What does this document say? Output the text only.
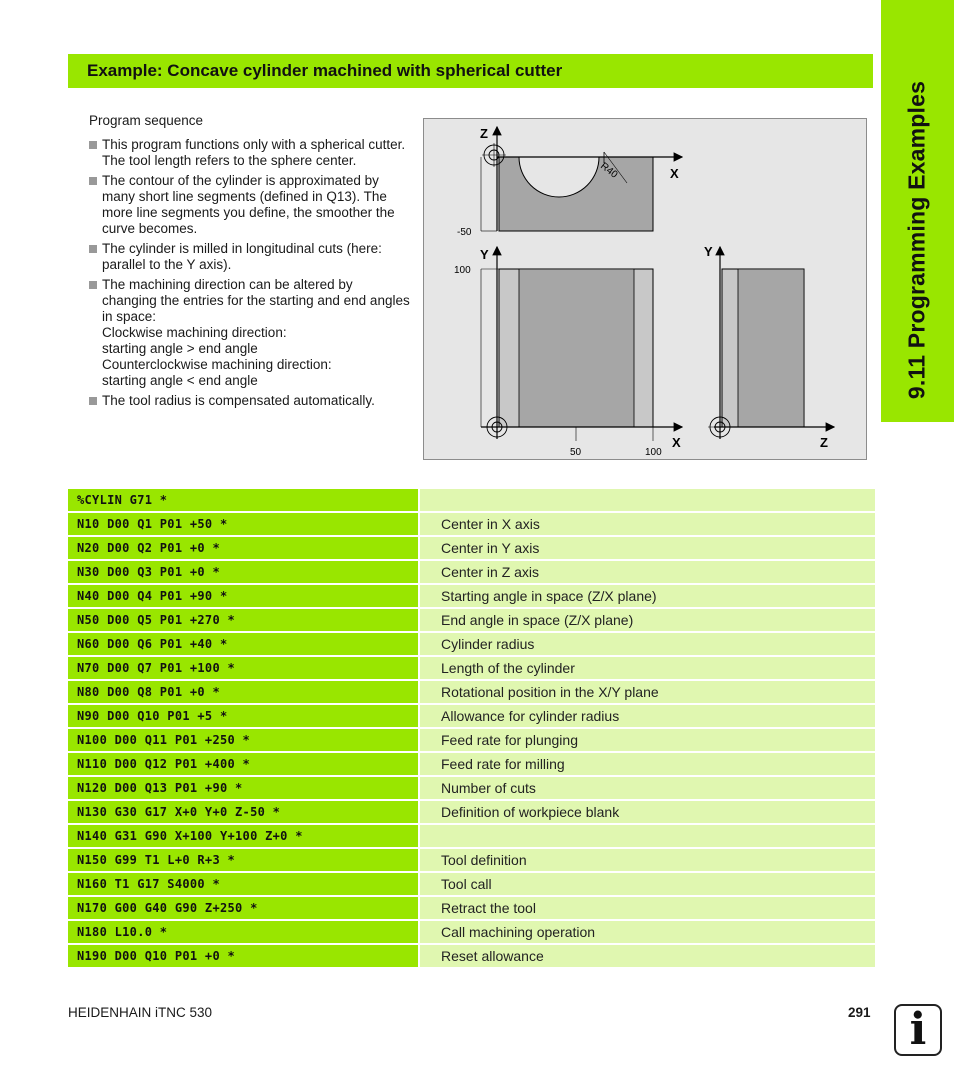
Example: Concave cylinder machined with spherical cutter
9.11 Programming Examples
Program sequence
This program functions only with a spherical cutter. The tool length refers to the sphere center.
The contour of the cylinder is approximated by many short line segments (defined in Q13). The more line segments you define, the smoother the curve becomes.
The cylinder is milled in longitudinal cuts (here: parallel to the Y axis).
The machining direction can be altered by changing the entries for the starting and end angles in space:
Clockwise machining direction:
starting angle > end angle
Counterclockwise machining direction:
starting angle < end angle
The tool radius is compensated automatically.
Z
X
R40
-50
Y
X
100
50	100
Y
Z
%CYLIN G71 *	
N10 D00 Q1 P01 +50 *	Center in X axis
N20 D00 Q2 P01 +0 *	Center in Y axis
N30 D00 Q3 P01 +0 *	Center in Z axis
N40 D00 Q4 P01 +90 *	Starting angle in space (Z/X plane)
N50 D00 Q5 P01 +270 *	End angle in space (Z/X plane)
N60 D00 Q6 P01 +40 *	Cylinder radius
N70 D00 Q7 P01 +100 *	Length of the cylinder
N80 D00 Q8 P01 +0 *	Rotational position in the X/Y plane
N90 D00 Q10 P01 +5 *	Allowance for cylinder radius
N100 D00 Q11 P01 +250 *	Feed rate for plunging
N110 D00 Q12 P01 +400 *	Feed rate for milling
N120 D00 Q13 P01 +90 *	Number of cuts
N130 G30 G17 X+0 Y+0 Z-50 *	Definition of workpiece blank
N140 G31 G90 X+100 Y+100 Z+0 *	
N150 G99 T1 L+0 R+3 *	Tool definition
N160 T1 G17 S4000 *	Tool call
N170 G00 G40 G90 Z+250 *	Retract the tool
N180 L10.0 *	Call machining operation
N190 D00 Q10 P01 +0 *	Reset allowance
HEIDENHAIN iTNC 530	291 i
